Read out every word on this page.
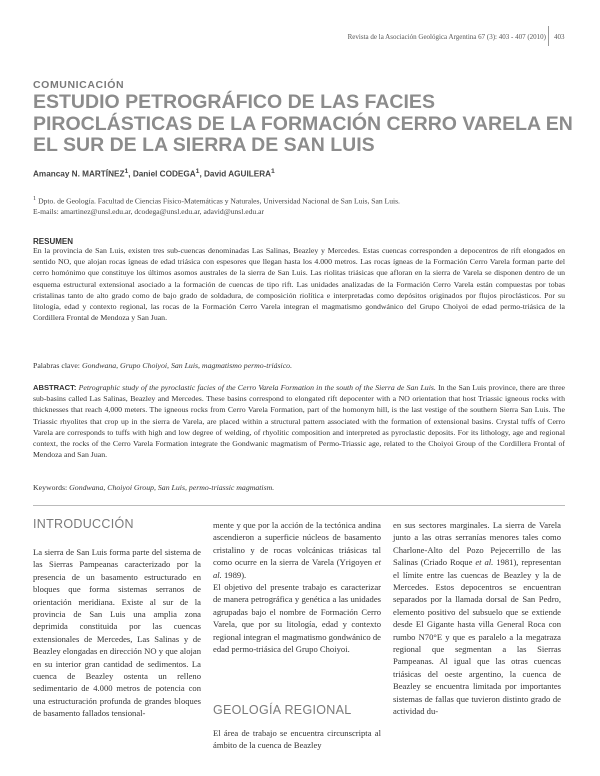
Revista de la Asociación Geológica Argentina 67 (3): 403 - 407 (2010) 403
COMUNICACIÓN
ESTUDIO PETROGRÁFICO DE LAS FACIES PIROCLÁSTICAS DE LA FORMACIÓN CERRO VARELA EN EL SUR DE LA SIERRA DE SAN LUIS
Amancay N. MARTÍNEZ$^1$, Daniel CODEGA$^1$, David AGUILERA$^1$
$^1$ Dpto. de Geología. Facultad de Ciencias Físico-Matemáticas y Naturales, Universidad Nacional de San Luis, San Luis.
E-mails: amartinez@unsl.edu.ar, dcodega@unsl.edu.ar, adavid@unsl.edu.ar
RESUMEN

En la provincia de San Luis, existen tres sub-cuencas denominadas Las Salinas, Beazley y Mercedes. Estas cuencas corresponden a depocentros de rift elongados en sentido NO, que alojan rocas ígneas de edad triásica con espesores que llegan hasta los 4.000 metros. Las rocas ígneas de la Formación Cerro Varela forman parte del cerro homónimo que constituye los últimos asomos australes de la sierra de San Luis. Las riolitas triásicas que afloran en la sierra de Varela se disponen dentro de un esquema estructural extensional asociado a la formación de cuencas de tipo rift. Las unidades analizadas de la Formación Cerro Varela están compuestas por tobas cristalinas tanto de alto grado como de bajo grado de soldadura, de composición riolítica e interpretadas como depósitos originados por flujos piroclásticos. Por su litología, edad y contexto regional, las rocas de la Formación Cerro Varela integran el magmatismo gondwánico del Grupo Choiyoi de edad permo-triásica de la Cordillera Frontal de Mendoza y San Juan.

Palabras clave: Gondwana, Grupo Choiyoi, San Luis, magmatismo permo-triásico.

ABSTRACT: Petrographic study of the pyroclastic facies of the Cerro Varela Formation in the south of the Sierra de San Luis. In the San Luis province, there are three sub-basins called Las Salinas, Beazley and Mercedes. These basins correspond to elongated rift depocenter with a NO orientation that host Triassic igneous rocks with thicknesses that reach 4,000 meters. The igneous rocks from Cerro Varela Formation, part of the homonym hill, is the last vestige of the southern Sierra San Luis. The Triassic rhyolites that crop up in the sierra de Varela, are placed within a structural pattern associated with the formation of extensional basins. Crystal tuffs of Cerro Varela are corresponds to tuffs with high and low degree of welding, of rhyolitic composition and interpreted as pyroclastic deposits. For its lithology, age and regional context, the rocks of the Cerro Varela Formation integrate the Gondwanic magmatism of Permo-Triassic age, related to the Choiyoi Group of the Cordillera Frontal of Mendoza and San Juan.

Keywords: Gondwana, Choiyoi Group, San Luis, permo-triassic magmatism.
INTRODUCCIÓN

La sierra de San Luis forma parte del sistema de las Sierras Pampeanas caracterizado por la presencia de un basamento estructurado en bloques que forma sistemas serranos de orientación meridiana. Existe al sur de la provincia de San Luis una amplia zona deprimida constituida por las cuencas extensionales de Mercedes, Las Salinas y de Beazley elongadas en dirección NO y que alojan en su interior gran cantidad de sedimentos. La cuenca de Beazley ostenta un relleno sedimentario de 4.000 metros de potencia con una estructuración profunda de grandes bloques de basamento fallados tensional-

mente y que por la acción de la tectónica andina ascendieron a superficie núcleos de basamento cristalino y de rocas volcánicas triásicas tal como ocurre en la sierra de Varela (Yrigoyen et al. 1989).
El objetivo del presente trabajo es caracterizar de manera petrográfica y genética a las unidades agrupadas bajo el nombre de Formación Cerro Varela, que por su litología, edad y contexto regional integran el magmatismo gondwánico de edad permo-triásica del Grupo Choiyoi.

GEOLOGÍA REGIONAL

El área de trabajo se encuentra circunscripta al ámbito de la cuenca de Beazley

en sus sectores marginales. La sierra de Varela junto a las otras serranías menores tales como Charlone-Alto del Pozo Pejecerrillo de las Salinas (Criado Roque et al. 1981), representan el límite entre las cuencas de Beazley y la de Mercedes. Estos depocentros se encuentran separados por la llamada dorsal de San Pedro, elemento positivo del subsuelo que se extiende desde El Gigante hasta villa General Roca con rumbo N70°E y que es paralelo a la megatraza regional que segmentan a las Sierras Pampeanas. Al igual que las otras cuencas triásicas del oeste argentino, la cuenca de Beazley se encuentra limitada por importantes sistemas de fallas que tuvieron distinto grado de actividad du-
